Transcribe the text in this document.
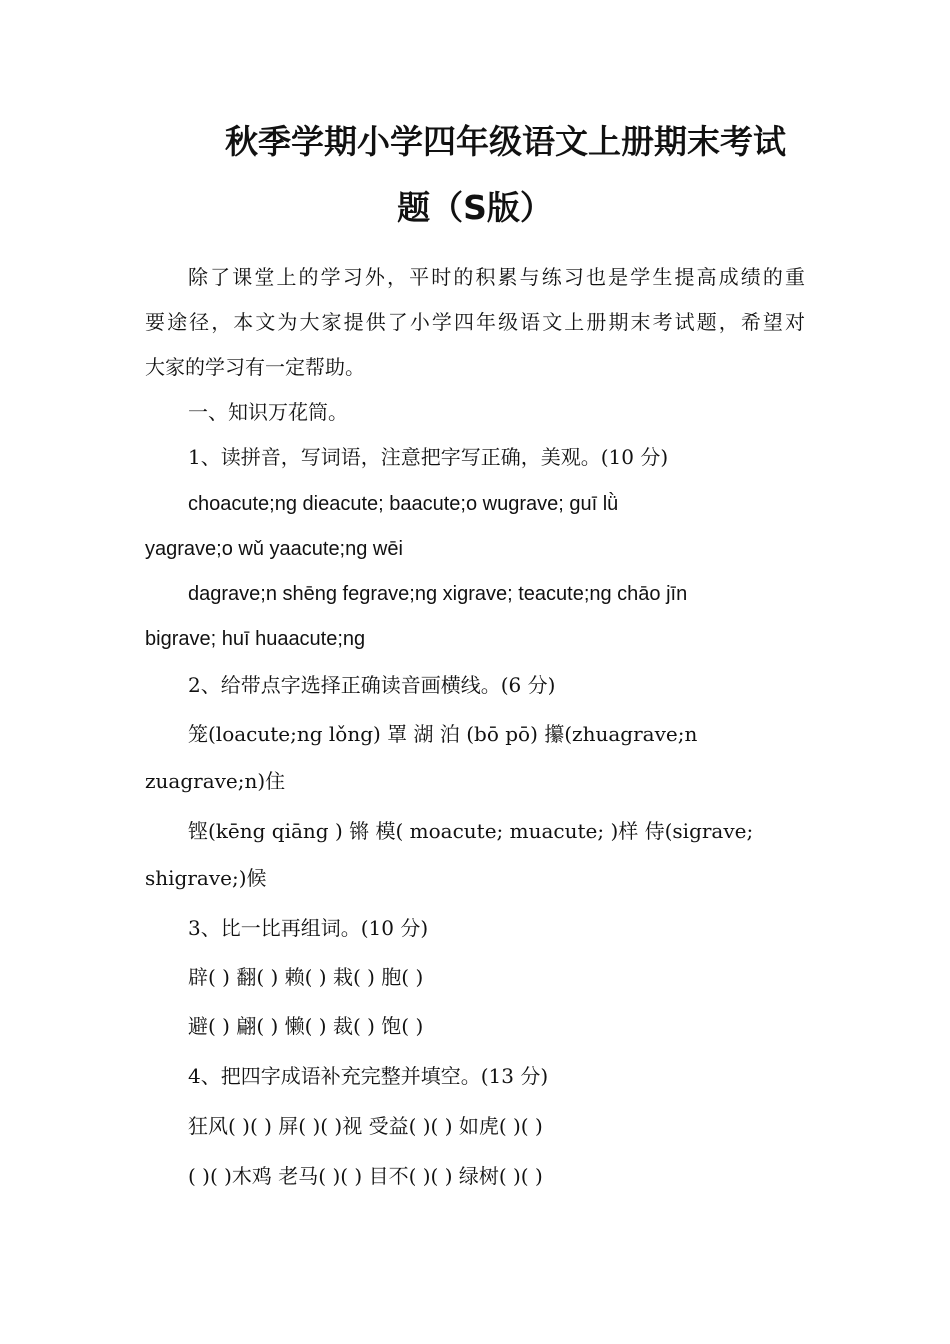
秋季学期小学四年级语文上册期末考试
题（S版）
除了课堂上的学习外，平时的积累与练习也是学生提高成绩的重
要途径，本文为大家提供了小学四年级语文上册期末考试题，希望对
大家的学习有一定帮助。
一、知识万花筒。
1、读拼音，写词语，注意把字写正确，美观。(10 分)
choacute;ng dieacute; baacute;o wugrave; guī lǜ
yagrave;o wǔ yaacute;ng wēi
dagrave;n shēng fegrave;ng xigrave; teacute;ng chāo jīn
bigrave; huī huaacute;ng
2、给带点字选择正确读音画横线。(6 分)
笼(loacute;ng lǒng) 罩 湖 泊 (bō pō) 攥(zhuagrave;n
zuagrave;n)住
铿(kēng qiāng ) 锵 模( moacute; muacute; )样 侍(sigrave;
shigrave;)候
3、比一比再组词。(10 分)
辟( ) 翻( ) 赖( ) 栽( ) 胞( )
避( ) 翩( ) 懒( ) 裁( ) 饱( )
4、把四字成语补充完整并填空。(13 分)
狂风( )( ) 屏( )( )视 受益( )( ) 如虎( )( )
( )( )木鸡 老马( )( ) 目不( )( ) 绿树( )( )
